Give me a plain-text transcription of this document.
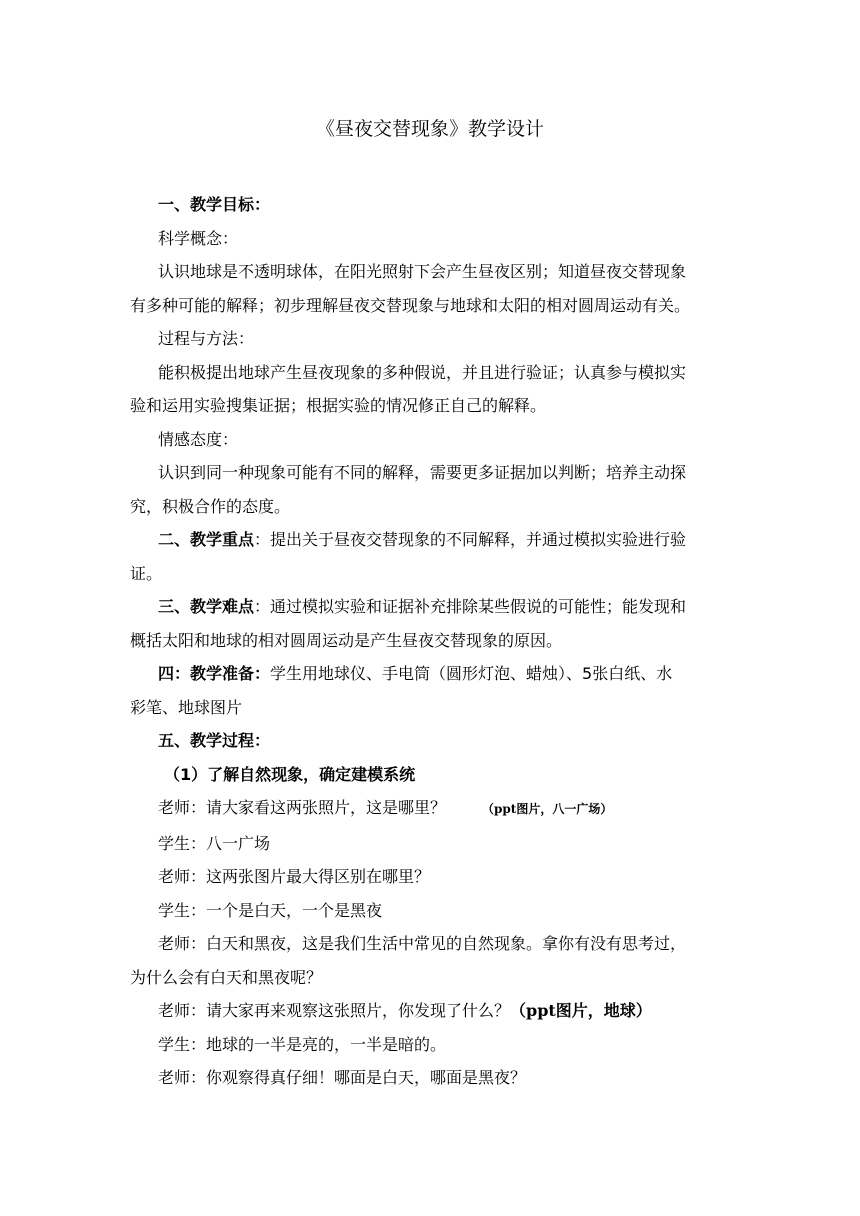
《昼夜交替现象》教学设计

一、教学目标：

科学概念：

认识地球是不透明球体，在阳光照射下会产生昼夜区别；知道昼夜交替现象

有多种可能的解释；初步理解昼夜交替现象与地球和太阳的相对圆周运动有关。

过程与方法：

能积极提出地球产生昼夜现象的多种假说，并且进行验证；认真参与模拟实

验和运用实验搜集证据；根据实验的情况修正自己的解释。

情感态度：

认识到同一种现象可能有不同的解释，需要更多证据加以判断；培养主动探

究，积极合作的态度。

二、教学重点：提出关于昼夜交替现象的不同解释，并通过模拟实验进行验

证。

三、教学难点：通过模拟实验和证据补充排除某些假说的可能性；能发现和

概括太阳和地球的相对圆周运动是产生昼夜交替现象的原因。

四：教学准备：学生用地球仪、手电筒（圆形灯泡、蜡烛）、5张白纸、水

彩笔、地球图片

五、教学过程：

（1）了解自然现象，确定建模系统

老师：请大家看这两张照片，这是哪里？	（ppt图片，八一广场）

学生：八一广场

老师：这两张图片最大得区别在哪里？

学生：一个是白天，一个是黑夜

老师：白天和黑夜，这是我们生活中常见的自然现象。拿你有没有思考过，

为什么会有白天和黑夜呢？

老师：请大家再来观察这张照片，你发现了什么？（ppt图片，地球）

学生：地球的一半是亮的，一半是暗的。

老师：你观察得真仔细！哪面是白天，哪面是黑夜？
